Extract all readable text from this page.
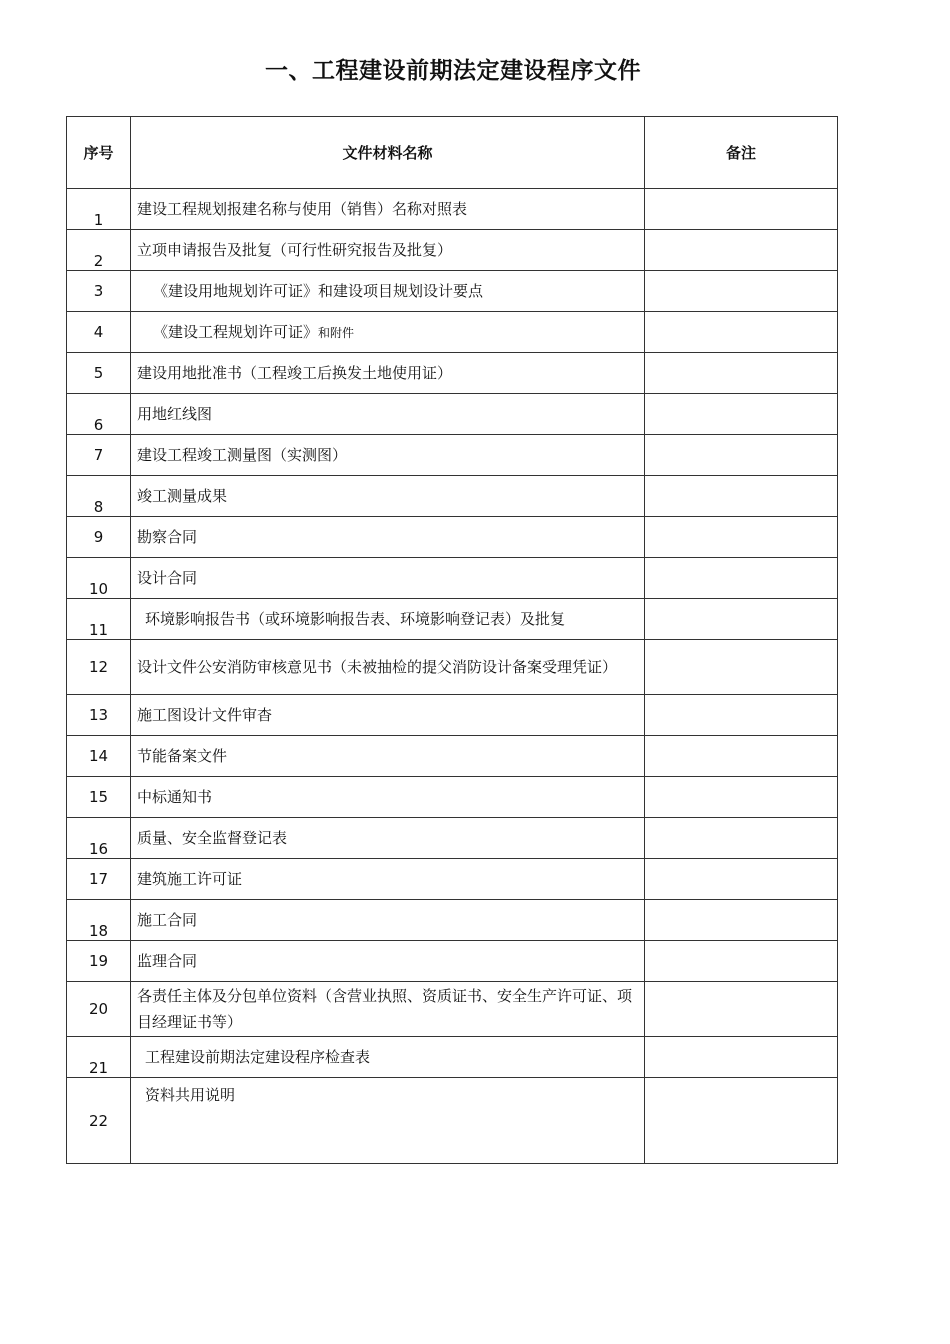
一、工程建设前期法定建设程序文件
序号	文件材料名称	备注
1	建设工程规划报建名称与使用（销售）名称对照表	
2	立项申请报告及批复（可行性研究报告及批复）	
3	《建设用地规划许可证》和建设项目规划设计要点	
4	《建设工程规划许可证》和附件	
5	建设用地批准书（工程竣工后换发土地使用证）	
6	用地红线图	
7	建设工程竣工测量图（实测图）	
8	竣工测量成果	
9	勘察合同	
10	设计合同	
11	环境影响报告书（或环境影响报告表、环境影响登记表）及批复	
12	设计文件公安消防审核意见书（未被抽检的提父消防设计备案受理凭证）	
13	施工图设计文件审杳	
14	节能备案文件	
15	中标通知书	
16	质量、安全监督登记表	
17	建筑施工许可证	
18	施工合同	
19	监理合同	
20	各责任主体及分包单位资料（含营业执照、资质证书、安全生产许可证、项目经理证书等）	
21	工程建设前期法定建设程序检查表	
22	资料共用说明	
